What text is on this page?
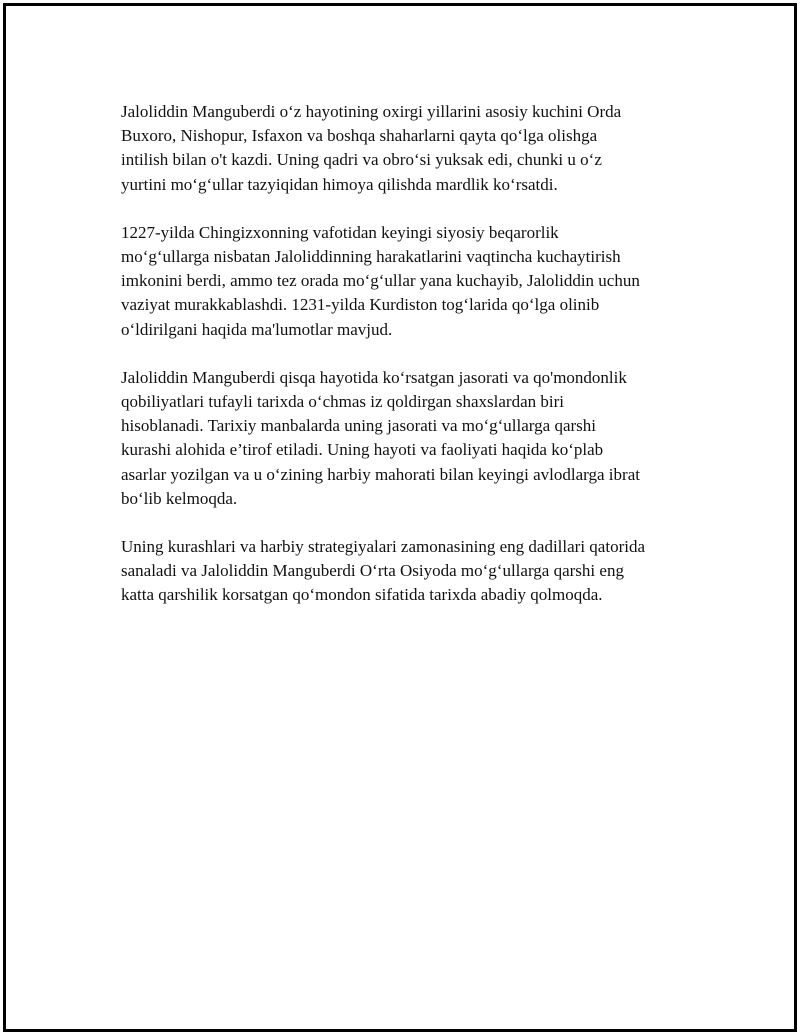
Jaloliddin Manguberdi o‘z hayotining oxirgi yillarini asosiy kuchini Orda
Buxoro, Nishopur, Isfaxon va boshqa shaharlarni qayta qo‘lga olishga
intilish bilan o't kazdi. Uning qadri va obro‘si yuksak edi, chunki u o‘z
yurtini mo‘g‘ullar tazyiqidan himoya qilishda mardlik ko‘rsatdi.

1227-yilda Chingizxonning vafotidan keyingi siyosiy beqarorlik
mo‘g‘ullarga nisbatan Jaloliddinning harakatlarini vaqtincha kuchaytirish
imkonini berdi, ammo tez orada mo‘g‘ullar yana kuchayib, Jaloliddin uchun
vaziyat murakkablashdi. 1231-yilda Kurdiston tog‘larida qo‘lga olinib
o‘ldirilgani haqida ma'lumotlar mavjud.

Jaloliddin Manguberdi qisqa hayotida ko‘rsatgan jasorati va qo'mondonlik
qobiliyatlari tufayli tarixda o‘chmas iz qoldirgan shaxslardan biri
hisoblanadi. Tarixiy manbalarda uning jasorati va mo‘g‘ullarga qarshi
kurashi alohida e’tirof etiladi. Uning hayoti va faoliyati haqida ko‘plab
asarlar yozilgan va u o‘zining harbiy mahorati bilan keyingi avlodlarga ibrat
bo‘lib kelmoqda.

Uning kurashlari va harbiy strategiyalari zamonasining eng dadillari qatorida
sanaladi va Jaloliddin Manguberdi O‘rta Osiyoda mo‘g‘ullarga qarshi eng
katta qarshilik korsatgan qo‘mondon sifatida tarixda abadiy qolmoqda.
